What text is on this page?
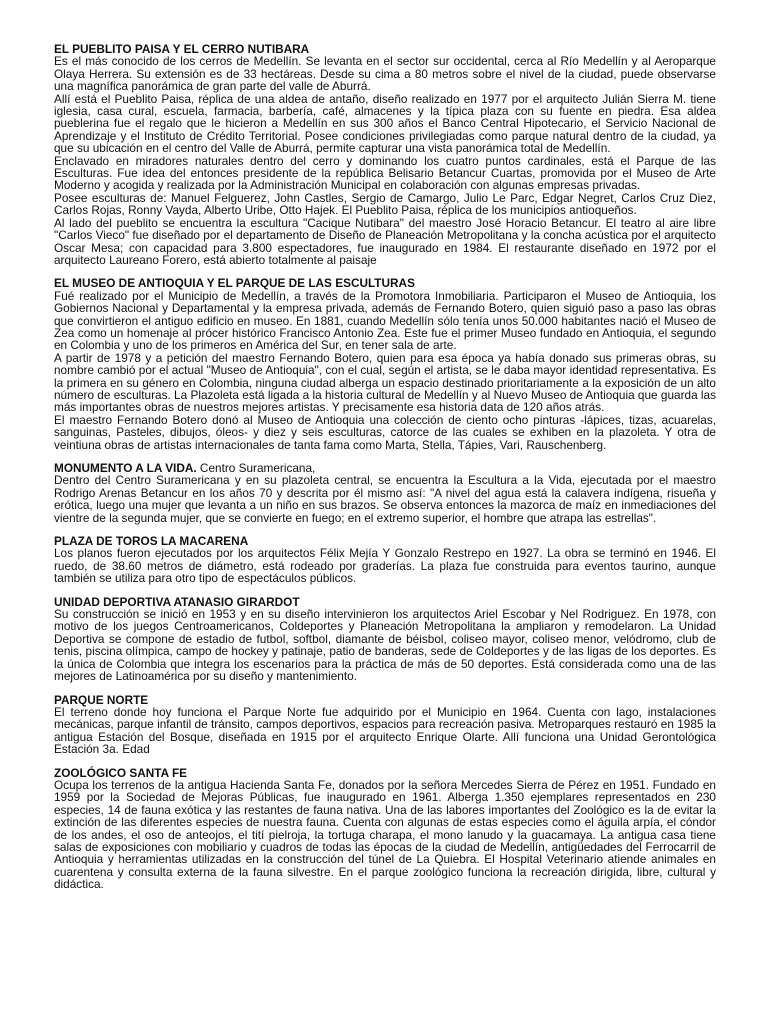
EL PUEBLITO PAISA Y EL CERRO NUTIBARA

Es el más conocido de los cerros de Medellín. Se levanta en el sector sur occidental, cerca al Río Medellín y al Aeroparque Olaya Herrera. Su extensión es de 33 hectáreas. Desde su cima a 80 metros sobre el nivel de la ciudad, puede observarse una magnífica panorámica de gran parte del valle de Aburrá.

Allí está el Pueblito Paisa, réplica de una aldea de antaño, diseño realizado en 1977 por el arquitecto Julián Sierra M. tiene iglesia, casa cural, escuela, farmacia, barbería, café, almacenes y la típica plaza con su fuente en piedra. Esa aldea pueblerina fue el regalo que le hicieron a Medellín en sus 300 años el Banco Central Hipotecario, el Servicio Nacional de Aprendizaje y el Instituto de Crédito Territorial. Posee condiciones privilegiadas como parque natural dentro de la ciudad, ya que su ubicación en el centro del Valle de Aburrá, permite capturar una vista panorámica total de Medellín.

Enclavado en miradores naturales dentro del cerro y dominando los cuatro puntos cardinales, está el Parque de las Esculturas. Fue idea del entonces presidente de la república Belisario Betancur Cuartas, promovida por el Museo de Arte Moderno y acogida y realizada por la Administración Municipal en colaboración con algunas empresas privadas.

Posee esculturas de: Manuel Felguerez, John Castles, Sergio de Camargo, Julio Le Parc, Edgar Negret, Carlos Cruz Diez, Carlos Rojas, Ronny Vayda, Alberto Uribe, Otto Hajek. El Pueblito Paisa, réplica de los municipios antioqueños.

Al lado del pueblito se encuentra la escultura "Cacique Nutibara" del maestro José Horacio Betancur. El teatro al aire libre "Carlos Vieco" fue diseñado por el departamento de Diseño de Planeación Metropolitana y la concha acústica por el arquitecto Oscar Mesa; con capacidad para 3.800 espectadores, fue inaugurado en 1984. El restaurante diseñado en 1972 por el arquitecto Laureano Forero, está abierto totalmente al paisaje

EL MUSEO DE ANTIOQUIA Y EL PARQUE DE LAS ESCULTURAS

Fué realizado por el Municipio de Medellín, a través de la Promotora Inmobiliaria. Participaron el Museo de Antioquia, los Gobiernos Nacional y Departamental y la empresa privada, además de Fernando Botero, quien siguió paso a paso las obras que convirtieron el antiguo edificio en museo. En 1881, cuando Medellín sólo tenía unos 50.000 habitantes nació el Museo de Zea como un homenaje al prócer histórico Francisco Antonio Zea. Este fue el primer Museo fundado en Antioquia, el segundo en Colombia y uno de los primeros en América del Sur, en tener sala de arte.

A partir de 1978 y a petición del maestro Fernando Botero, quien para esa época ya había donado sus primeras obras, su nombre cambió por el actual "Museo de Antioquia", con el cual, según el artista, se le daba mayor identidad representativa. Es la primera en su género en Colombia, ninguna ciudad alberga un espacio destinado prioritariamente a la exposición de un alto número de esculturas. La Plazoleta está ligada a la historia cultural de Medellín y al Nuevo Museo de Antioquia que guarda las más importantes obras de nuestros mejores artistas. Y precisamente esa historia data de 120 años atrás.

El maestro Fernando Botero donó al Museo de Antioquia una colección de ciento ocho pinturas -lápices, tizas, acuarelas, sanguinas, Pasteles, dibujos, óleos- y diez y seis esculturas, catorce de las cuales se exhiben en la plazoleta. Y otra de veintiuna obras de artistas internacionales de tanta fama como Marta, Stella, Tápies, Vari, Rauschenberg.

MONUMENTO A LA VIDA. Centro Suramericana,

Dentro del Centro Suramericana y en su plazoleta central, se encuentra la Escultura a la Vida, ejecutada por el maestro Rodrigo Arenas Betancur en los años 70 y descrita por él mismo así: "A nivel del agua está la calavera indígena, risueña y erótica, luego una mujer que levanta a un niño en sus brazos. Se observa entonces la mazorca de maíz en inmediaciones del vientre de la segunda mujer, que se convierte en fuego; en el extremo superior, el hombre que atrapa las estrellas".

PLAZA DE TOROS LA MACARENA

Los planos fueron ejecutados por los arquitectos Félix Mejía Y Gonzalo Restrepo en 1927. La obra se terminó en 1946. El ruedo, de 38.60 metros de diámetro, está rodeado por graderías. La plaza fue construida para eventos taurino, aunque también se utiliza para otro tipo de espectáculos públicos.

UNIDAD DEPORTIVA ATANASIO GIRARDOT

Su construcción se inició en 1953 y en su diseño intervinieron los arquitectos Ariel Escobar y Nel Rodriguez. En 1978, con motivo de los juegos Centroamericanos, Coldeportes y Planeación Metropolitana la ampliaron y remodelaron. La Unidad Deportiva se compone de estadio de futbol, softbol, diamante de béisbol, coliseo mayor, coliseo menor, velódromo, club de tenis, piscina olímpica, campo de hockey y patinaje, patio de banderas, sede de Coldeportes y de las ligas de los deportes. Es la única de Colombia que integra los escenarios para la práctica de más de 50 deportes. Está considerada como una de las mejores de Latinoamérica por su diseño y mantenimiento.

PARQUE NORTE

El terreno donde hoy funciona el Parque Norte fue adquirido por el Municipio en 1964. Cuenta con lago, instalaciones mecánicas, parque infantil de tránsito, campos deportivos, espacios para recreación pasiva. Metroparques restauró en 1985 la antigua Estación del Bosque, diseñada en 1915 por el arquitecto Enrique Olarte. Allí funciona una Unidad Gerontológica Estación 3a. Edad

ZOOLÓGICO SANTA FE

Ocupa los terrenos de la antigua Hacienda Santa Fe, donados por la señora Mercedes Sierra de Pérez en 1951. Fundado en 1959 por la Sociedad de Mejoras Públicas, fue inaugurado en 1961. Alberga 1.350 ejemplares representados en 230 especies, 14 de fauna exótica y las restantes de fauna nativa. Una de las labores importantes del Zoológico es la de evitar la extinción de las diferentes especies de nuestra fauna. Cuenta con algunas de estas especies como el águila arpía, el cóndor de los andes, el oso de anteojos, el tití pielroja, la tortuga charapa, el mono lanudo y la guacamaya. La antigua casa tiene salas de exposiciones con mobiliario y cuadros de todas las épocas de la ciudad de Medellín, antigüedades del Ferrocarril de Antioquia y herramientas utilizadas en la construcción del túnel de La Quiebra. El Hospital Veterinario atiende animales en cuarentena y consulta externa de la fauna silvestre. En el parque zoológico funciona la recreación dirigida, libre, cultural y didáctica.
